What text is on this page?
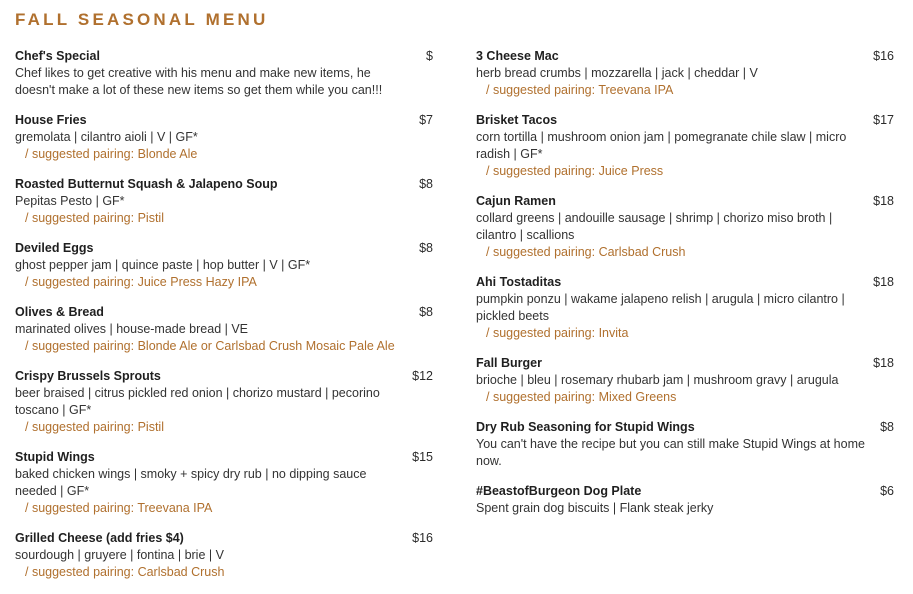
FALL SEASONAL MENU
Chef's Special	$
Chef likes to get creative with his menu and make new items, he doesn't make a lot of these new items so get them while you can!!!
House Fries	$7
gremolata | cilantro aioli | V | GF*
/ suggested pairing: Blonde Ale
Roasted Butternut Squash & Jalapeno Soup	$8
Pepitas Pesto | GF*
/ suggested pairing: Pistil
Deviled Eggs	$8
ghost pepper jam | quince paste | hop butter | V | GF*
/ suggested pairing: Juice Press Hazy IPA
Olives & Bread	$8
marinated olives | house-made bread | VE
/ suggested pairing: Blonde Ale or Carlsbad Crush Mosaic Pale Ale
Crispy Brussels Sprouts	$12
beer braised | citrus pickled red onion | chorizo mustard | pecorino toscano | GF*
/ suggested pairing: Pistil
Stupid Wings	$15
baked chicken wings | smoky + spicy dry rub | no dipping sauce needed | GF*
/ suggested pairing: Treevana IPA
Grilled Cheese (add fries $4)	$16
sourdough | gruyere | fontina | brie | V
/ suggested pairing: Carlsbad Crush
3 Cheese Mac	$16
herb bread crumbs | mozzarella | jack | cheddar | V
/ suggested pairing: Treevana IPA
Brisket Tacos	$17
corn tortilla | mushroom onion jam | pomegranate chile slaw | micro radish | GF*
/ suggested pairing: Juice Press
Cajun Ramen	$18
collard greens | andouille sausage | shrimp | chorizo miso broth | cilantro | scallions
/ suggested pairing: Carlsbad Crush
Ahi Tostaditas	$18
pumpkin ponzu | wakame jalapeno relish | arugula | micro cilantro | pickled beets
/ suggested pairing: Invita
Fall Burger	$18
brioche | bleu | rosemary rhubarb jam | mushroom gravy | arugula
/ suggested pairing: Mixed Greens
Dry Rub Seasoning for Stupid Wings	$8
You can't have the recipe but you can still make Stupid Wings at home now.
#BeastofBurgeon Dog Plate	$6
Spent grain dog biscuits | Flank steak jerky
